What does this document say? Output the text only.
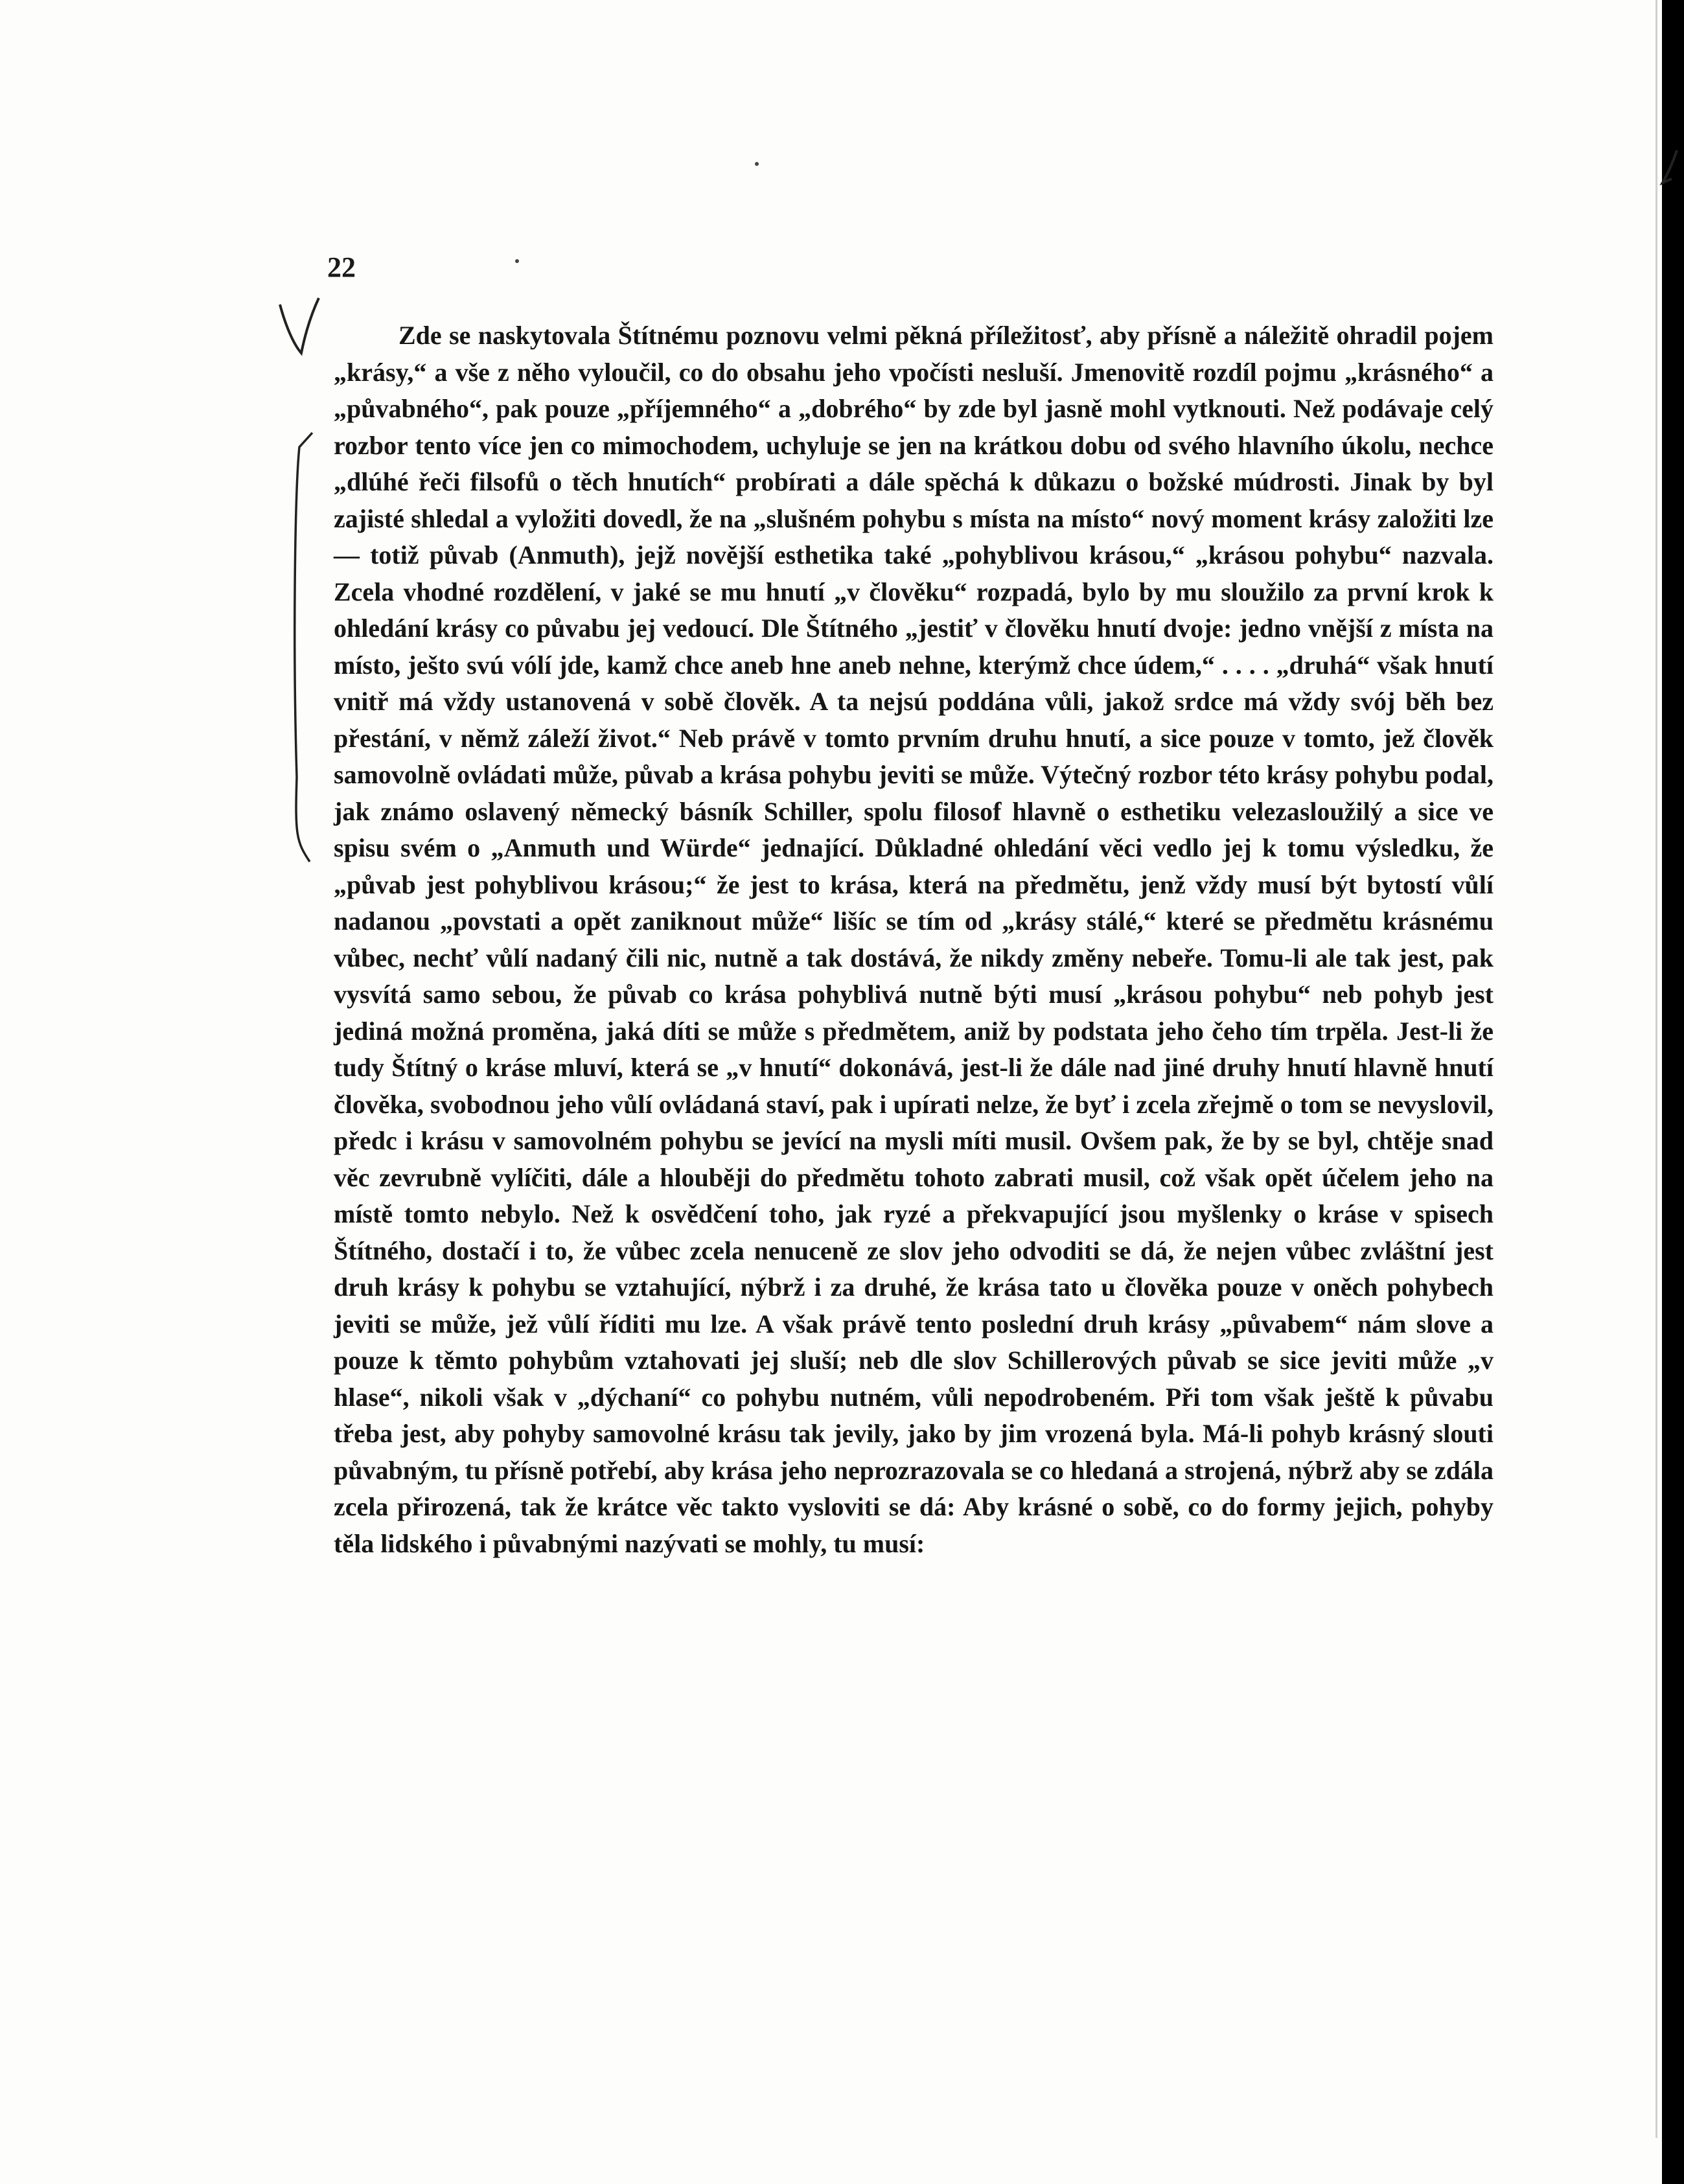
22
Zde se naskytovala Štítnému poznovu velmi pěkná příležitosť, aby přísně a náležitě ohradil pojem „krásy,“ a vše z něho vyloučil, co do obsahu jeho vpočísti nesluší. Jmenovitě rozdíl pojmu „krásného“ a „půvabného“, pak pouze „příjemného“ a „dobrého“ by zde byl jasně mohl vytknouti. Než podávaje celý rozbor tento více jen co mimochodem, uchyluje se jen na krátkou dobu od svého hlavního úkolu, nechce „dlúhé řeči filsofů o těch hnutích“ probírati a dále spěchá k důkazu o božské múdrosti. Jinak by byl zajisté shledal a vyložiti dovedl, že na „slušném pohybu s místa na místo“ nový moment krásy založiti lze — totiž půvab (Anmuth), jejž novější esthetika také „pohyblivou krásou,“ „krásou pohybu“ nazvala. Zcela vhodné rozdělení, v jaké se mu hnutí „v člověku“ rozpadá, bylo by mu sloužilo za první krok k ohledání krásy co půvabu jej vedoucí. Dle Štítného „jestiť v člověku hnutí dvoje: jedno vnější z místa na místo, ješto svú vólí jde, kamž chce aneb hne aneb nehne, kterýmž chce údem,“ . . . . „druhá“ však hnutí vnitř má vždy ustanovená v sobě člověk. A ta nejsú poddána vůli, jakož srdce má vždy svój běh bez přestání, v němž záleží život.“ Neb právě v tomto prvním druhu hnutí, a sice pouze v tomto, jež člověk samovolně ovládati může, půvab a krása pohybu jeviti se může. Výtečný rozbor této krásy pohybu podal, jak známo oslavený německý básník Schiller, spolu filosof hlavně o esthetiku velezasloužilý a sice ve spisu svém o „Anmuth und Würde“ jednající. Důkladné ohledání věci vedlo jej k tomu výsledku, že „půvab jest pohyblivou krásou;“ že jest to krása, která na předmětu, jenž vždy musí být bytostí vůlí nadanou „povstati a opět zaniknout může“ lišíc se tím od „krásy stálé,“ které se předmětu krásnému vůbec, nechť vůlí nadaný čili nic, nutně a tak dostává, že nikdy změny nebeře. Tomu-li ale tak jest, pak vysvítá samo sebou, že půvab co krása pohyblivá nutně býti musí „krásou pohybu“ neb pohyb jest jediná možná proměna, jaká díti se může s předmětem, aniž by podstata jeho čeho tím trpěla. Jest-li že tudy Štítný o kráse mluví, která se „v hnutí“ dokonává, jest-li že dále nad jiné druhy hnutí hlavně hnutí člověka, svobodnou jeho vůlí ovládaná staví, pak i upírati nelze, že byť i zcela zřejmě o tom se nevyslovil, předc i krásu v samovolném pohybu se jevící na mysli míti musil. Ovšem pak, že by se byl, chtěje snad věc zevrubně vylíčiti, dále a hlouběji do předmětu tohoto zabrati musil, což však opět účelem jeho na místě tomto nebylo. Než k osvědčení toho, jak ryzé a překvapující jsou myšlenky o kráse v spisech Štítného, dostačí i to, že vůbec zcela nenuceně ze slov jeho odvoditi se dá, že nejen vůbec zvláštní jest druh krásy k pohybu se vztahující, nýbrž i za druhé, že krása tato u člověka pouze v oněch pohybech jeviti se může, jež vůlí říditi mu lze. A však právě tento poslední druh krásy „půvabem“ nám slove a pouze k těmto pohybům vztahovati jej sluší; neb dle slov Schillerových půvab se sice jeviti může „v hlase“, nikoli však v „dýchaní“ co pohybu nutném, vůli nepodrobeném. Při tom však ještě k půvabu třeba jest, aby pohyby samovolné krásu tak jevily, jako by jim vrozená byla. Má-li pohyb krásný slouti půvabným, tu přísně potřebí, aby krása jeho neprozrazovala se co hledaná a strojená, nýbrž aby se zdála zcela přirozená, tak že krátce věc takto vysloviti se dá: Aby krásné o sobě, co do formy jejich, pohyby těla lidského i půvabnými nazývati se mohly, tu musí:
